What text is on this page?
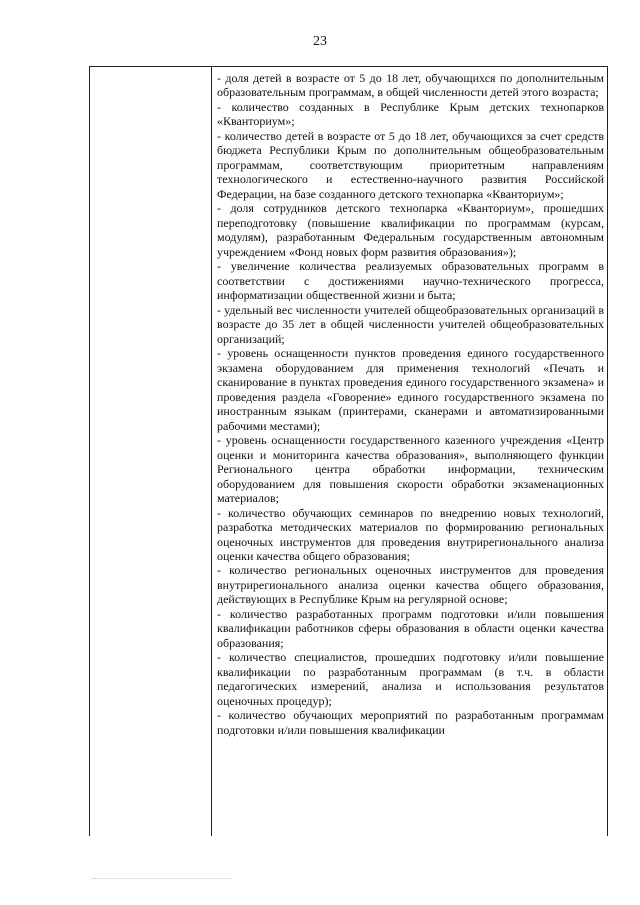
23

- доля детей в возрасте от 5 до 18 лет, обучающихся по дополнительным образовательным программам, в общей численности детей этого возраста;

- количество созданных в Республике Крым детских технопарков «Кванториум»;

- количество детей в возрасте от 5 до 18 лет, обучающихся за счет средств бюджета Республики Крым по дополнительным общеобразовательным программам, соответствующим приоритетным направлениям технологического и естественно-научного развития Российской Федерации, на базе созданного детского технопарка «Кванториум»;

- доля сотрудников детского технопарка «Кванториум», прошедших переподготовку (повышение квалификации по программам (курсам, модулям), разработанным Федеральным государственным автономным учреждением «Фонд новых форм развития образования»);

- увеличение количества реализуемых образовательных программ в соответствии с достижениями научно-технического прогресса, информатизации общественной жизни и быта;

- удельный вес численности учителей общеобразовательных организаций в возрасте до 35 лет в общей численности учителей общеобразовательных организаций;

- уровень оснащенности пунктов проведения единого государственного экзамена оборудованием для применения технологий «Печать и сканирование в пунктах проведения единого государственного экзамена» и проведения раздела «Говорение» единого государственного экзамена по иностранным языкам (принтерами, сканерами и автоматизированными рабочими местами);

- уровень оснащенности государственного казенного учреждения «Центр оценки и мониторинга качества образования», выполняющего функции Регионального центра обработки информации, техническим оборудованием для повышения скорости обработки экзаменационных материалов;

- количество обучающих семинаров по внедрению новых технологий, разработка методических материалов по формированию региональных оценочных инструментов для проведения внутрирегионального анализа оценки качества общего образования;

- количество региональных оценочных инструментов для проведения внутрирегионального анализа оценки качества общего образования, действующих в Республике Крым на регулярной основе;

- количество разработанных программ подготовки и/или повышения квалификации работников сферы образования в области оценки качества образования;

- количество специалистов, прошедших подготовку и/или повышение квалификации по разработанным программам (в т.ч. в области педагогических измерений, анализа и использования результатов оценочных процедур);

- количество обучающих мероприятий по разработанным программам подготовки и/или повышения квалификации
